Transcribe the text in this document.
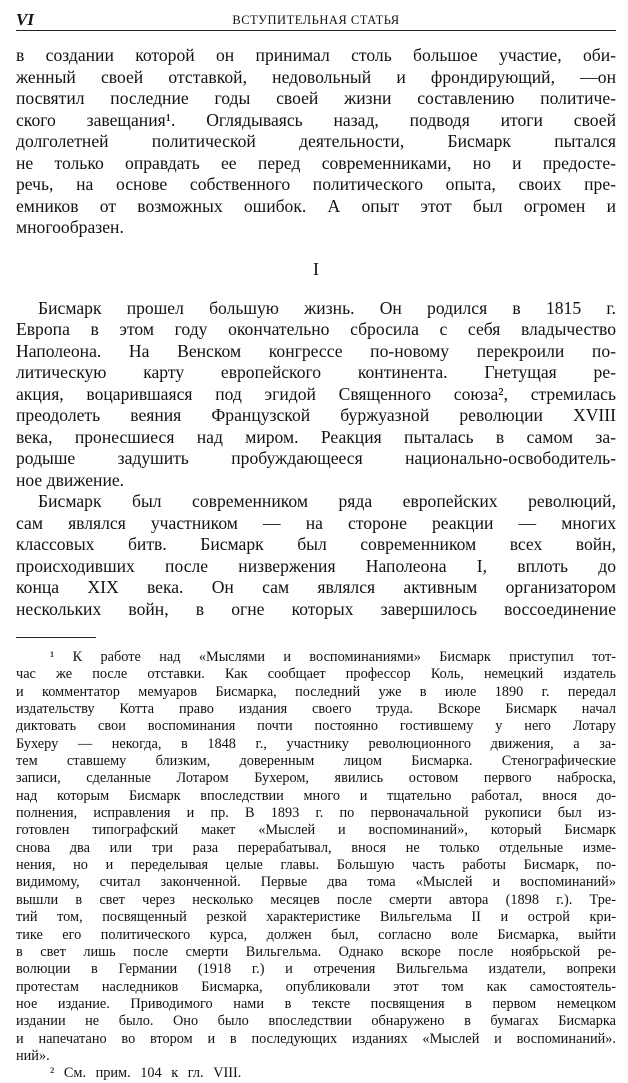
VI	ВСТУПИТЕЛЬНАЯ СТАТЬЯ
в создании которой он принимал столь большое участие, оби-
женный своей отставкой, недовольный и фрондирующий, —он
посвятил последние годы своей жизни составлению политиче-
ского завещания¹. Оглядываясь назад, подводя итоги своей
долголетней политической деятельности, Бисмарк пытался
не только оправдать ее перед современниками, но и предосте-
речь, на основе собственного политического опыта, своих пре-
емников от возможных ошибок. А опыт этот был огромен и
многообразен.
I
Бисмарк прошел большую жизнь. Он родился в 1815 г.
Европа в этом году окончательно сбросила с себя владычество
Наполеона. На Венском конгрессе по-новому перекроили по-
литическую карту европейского континента. Гнетущая ре-
акция, воцарившаяся под эгидой Священного союза², стремилась
преодолеть веяния Французской буржуазной революции XVIII
века, пронесшиеся над миром. Реакция пыталась в самом за-
родыше задушить пробуждающееся национально-освободитель-
ное движение.
Бисмарк был современником ряда европейских революций,
сам являлся участником — на стороне реакции — многих
классовых битв. Бисмарк был современником всех войн,
происходивших после низвержения Наполеона I, вплоть до
конца XIX века. Он сам являлся активным организатором
нескольких войн, в огне которых завершилось воссоединение
¹ К работе над «Мыслями и воспоминаниями» Бисмарк приступил тот-
час же после отставки. Как сообщает профессор Коль, немецкий издатель
и комментатор мемуаров Бисмарка, последний уже в июле 1890 г. передал
издательству Котта право издания своего труда. Вскоре Бисмарк начал
диктовать свои воспоминания почти постоянно гостившему у него Лотару
Бухеру — некогда, в 1848 г., участнику революционного движения, а за-
тем ставшему близким, доверенным лицом Бисмарка. Стенографические
записи, сделанные Лотаром Бухером, явились остовом первого наброска,
над которым Бисмарк впоследствии много и тщательно работал, внося до-
полнения, исправления и пр. В 1893 г. по первоначальной рукописи был из-
готовлен типографский макет «Мыслей и воспоминаний», который Бисмарк
снова два или три раза перерабатывал, внося не только отдельные изме-
нения, но и переделывая целые главы. Большую часть работы Бисмарк, по-
видимому, считал законченной. Первые два тома «Мыслей и воспоминаний»
вышли в свет через несколько месяцев после смерти автора (1898 г.). Тре-
тий том, посвященный резкой характеристике Вильгельма II и острой кри-
тике его политического курса, должен был, согласно воле Бисмарка, выйти
в свет лишь после смерти Вильгельма. Однако вскоре после ноябрьской ре-
волюции в Германии (1918 г.) и отречения Вильгельма издатели, вопреки
протестам наследников Бисмарка, опубликовали этот том как самостоятель-
ное издание. Приводимого нами в тексте посвящения в первом немецком
издании не было. Оно было впоследствии обнаружено в бумагах Бисмарка
и напечатано во втором и в последующих изданиях «Мыслей и воспоминаний».
ний».
² См. прим. 104 к гл. VIII.
